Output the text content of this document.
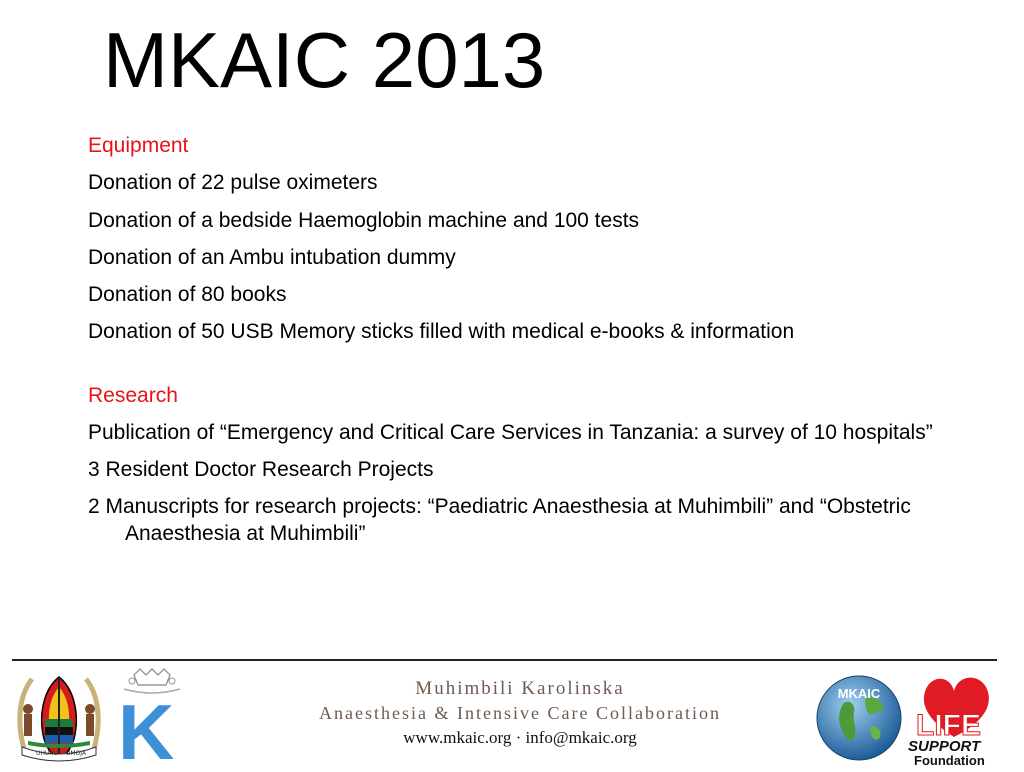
MKAIC 2013
Equipment
Donation of 22 pulse oximeters
Donation of a bedside Haemoglobin machine and 100 tests
Donation of an Ambu intubation dummy
Donation of 80 books
Donation of 50 USB Memory sticks filled with medical e-books & information
Research
Publication of “Emergency and Critical Care Services in Tanzania: a survey of 10 hospitals”
3 Resident Doctor Research Projects
2 Manuscripts for research projects: “Paediatric Anaesthesia at Muhimbili” and “Obstetric Anaesthesia at Muhimbili”
UHURU UMOJA K	Muhimbili Karolinska
Anaesthesia & Intensive Care Collaboration
www.mkaic.org · info@mkaic.org
MKAIC
LIFE
SUPPORT
Foundation
